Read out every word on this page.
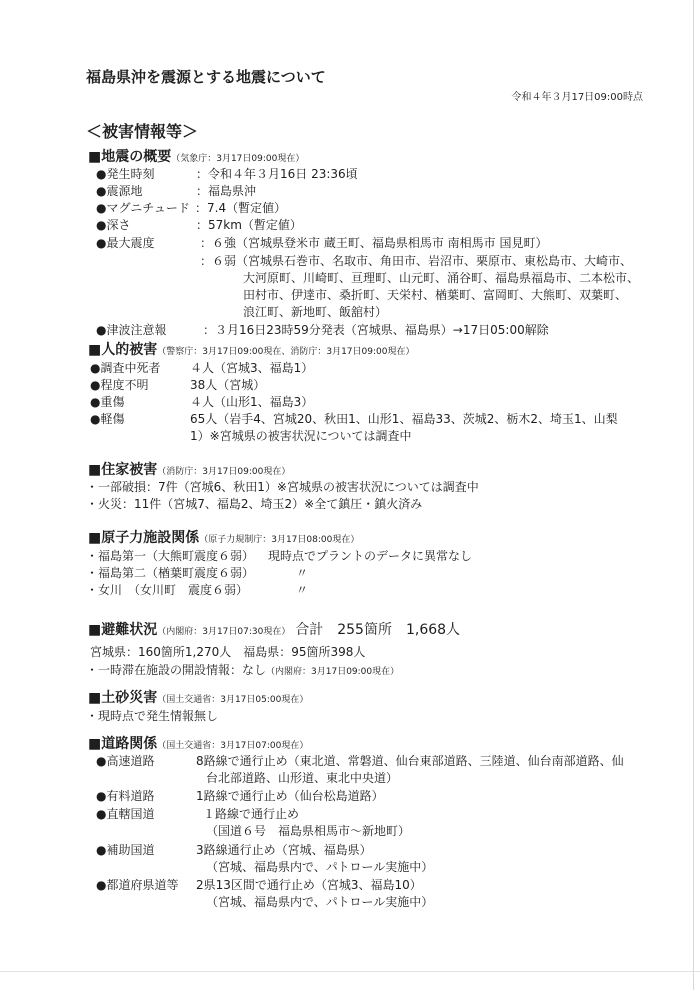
福島県沖を震源とする地震について
令和４年３月17日09:00時点
＜被害情報等＞
■地震の概要（気象庁：3月17日09:00現在）
●発生時刻	：令和４年３月16日 23:36頃
●震源地	：福島県沖
●マグニチュード ：7.4（暫定値）
●深さ	：57km（暫定値）
●最大震度	：６強（宮城県登米市 蔵王町、福島県相馬市 南相馬市 国見町）
：６弱（宮城県石巻市、名取市、角田市、岩沼市、栗原市、東松島市、大崎市、
大河原町、川崎町、亘理町、山元町、涌谷町、福島県福島市、二本松市、
田村市、伊達市、桑折町、天栄村、楢葉町、富岡町、大熊町、双葉町、
浪江町、新地町、飯舘村）
●津波注意報	：３月16日23時59分発表（宮城県、福島県）→17日05:00解除
■人的被害（警察庁：3月17日09:00現在、消防庁：3月17日09:00現在）
●調査中死者 ４人（宮城3、福島1）
●程度不明	38人（宮城）
●重傷	４人（山形1、福島3）
●軽傷	65人（岩手4、宮城20、秋田1、山形1、福島33、茨城2、栃木2、埼玉1、山梨
1）※宮城県の被害状況については調査中
■住家被害（消防庁：3月17日09:00現在）
・一部破損：7件（宮城6、秋田1）※宮城県の被害状況については調査中
・火災：11件（宮城7、福島2、埼玉2）※全て鎮圧・鎮火済み
■原子力施設関係（原子力規制庁：3月17日08:00現在）
・福島第一（大熊町震度６弱） 現時点でプラントのデータに異常なし
・福島第二（楢葉町震度６弱）	〃
・女川　（女川町　震度６弱）	〃
■避難状況（内閣府：3月17日07:30現在） 合計　255箇所　1,668人
宮城県：160箇所1,270人　福島県：95箇所398人
・一時滞在施設の開設情報：なし（内閣府：3月17日09:00現在）
■土砂災害（国土交通省：3月17日05:00現在）
・現時点で発生情報無し
■道路関係（国土交通省：3月17日07:00現在）
●高速道路	8路線で通行止め（東北道、常磐道、仙台東部道路、三陸道、仙台南部道路、仙
台北部道路、山形道、東北中央道）
●有料道路	1路線で通行止め（仙台松島道路）
●直轄国道	１路線で通行止め
（国道６号　福島県相馬市～新地町）
●補助国道	3路線通行止め（宮城、福島県）
（宮城、福島県内で、パトロール実施中）
●都道府県道等 2県13区間で通行止め（宮城3、福島10）
（宮城、福島県内で、パトロール実施中）
